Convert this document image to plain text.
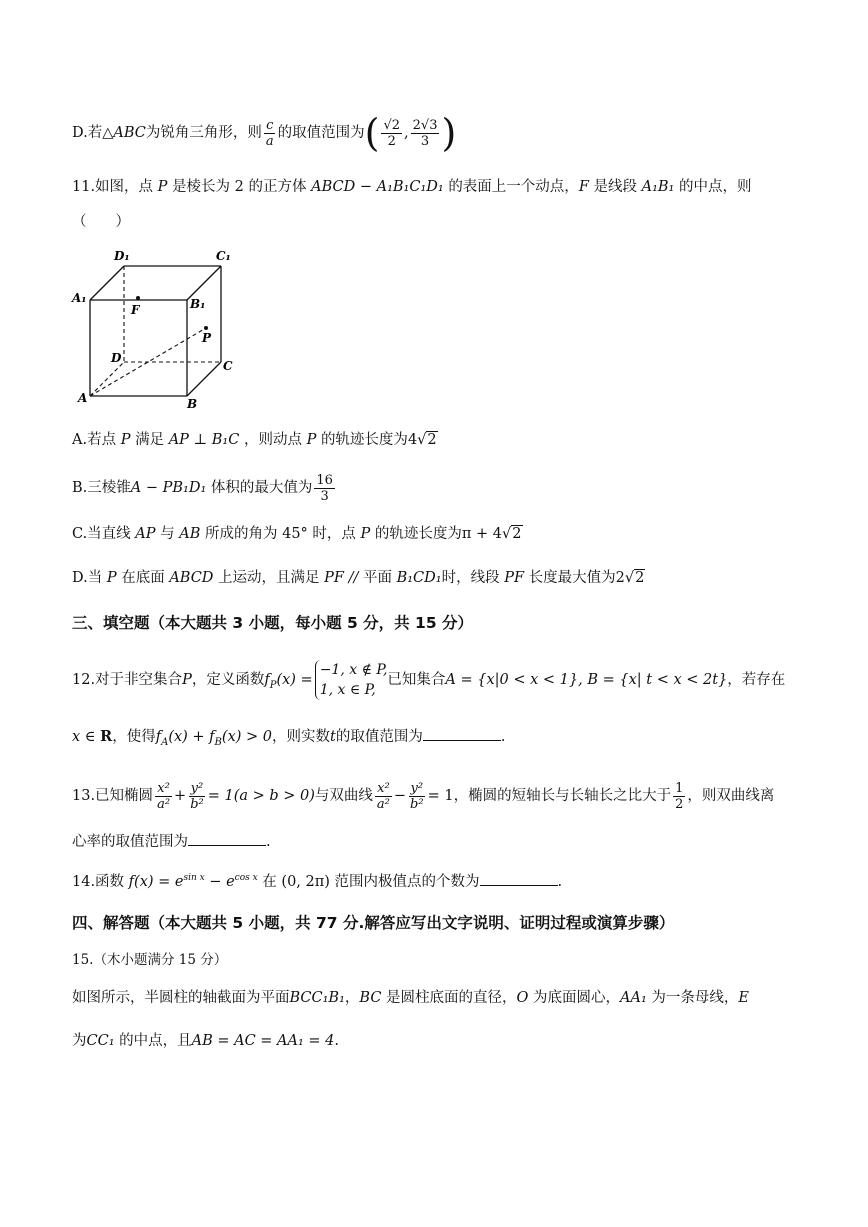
D.若△ABC为锐角三角形，则 $\frac{c}{a}$ 的取值范围为( $\frac{√2}{2}$ , $\frac{2√3}{3}$ )
11.如图，点 P 是棱长为 2 的正方体 ABCD − A₁B₁C₁D₁ 的表面上一个动点，F 是线段 A₁B₁ 的中点，则
（　　）
D₁	C₁
A₁	B₁
F
P
D
C
A	B
A.若点 P 满足 AP ⊥ B₁C ，则动点 P 的轨迹长度为4√2
B.三棱锥A − PB₁D₁ 体积的最大值为 $\frac{16}{3}$
C.当直线 AP 与 AB 所成的角为 45° 时，点 P 的轨迹长度为π + 4√2
D.当 P 在底面 ABCD 上运动，且满足 PF // 平面 B₁CD₁时，线段 PF 长度最大值为2√2
三、填空题（本大题共 3 小题，每小题 5 分，共 15 分）
12.对于非空集合P，定义函数$f_P(x)$ =
−1, x ∉ P,
1, x ∈ P,
已知集合A = {x|0 < x < 1}, B = {x| t < x < 2t}，若存在
x ∈ R，使得$f_A(x) + f_B(x) > 0$，则实数t的取值范围为	.
13.已知椭圆 $\frac{\text{x²}}{\text{a²}} + \frac{\text{y²}}{\text{b²}} = 1(a > b > 0)$与双曲线 $\frac{\text{x²}}{\text{a²}} - \frac{\text{y²}}{\text{b²}} = 1$，椭圆的短轴长与长轴长之比大于 $\frac{1}{2}$ ，则双曲线离
心率的取值范围为	.
14.函数 $f(x) = e^{sin x} - e^{cos x}$ 在 (0, 2π) 范围内极值点的个数为	.
四、解答题（本大题共 5 小题，共 77 分.解答应写出文字说明、证明过程或演算步骤）
15.（木小题满分 15 分）
如图所示，半圆柱的轴截面为平面BCC₁B₁，BC 是圆柱底面的直径，O 为底面圆心，AA₁ 为一条母线，E
为CC₁ 的中点，且AB = AC = AA₁ = 4.
